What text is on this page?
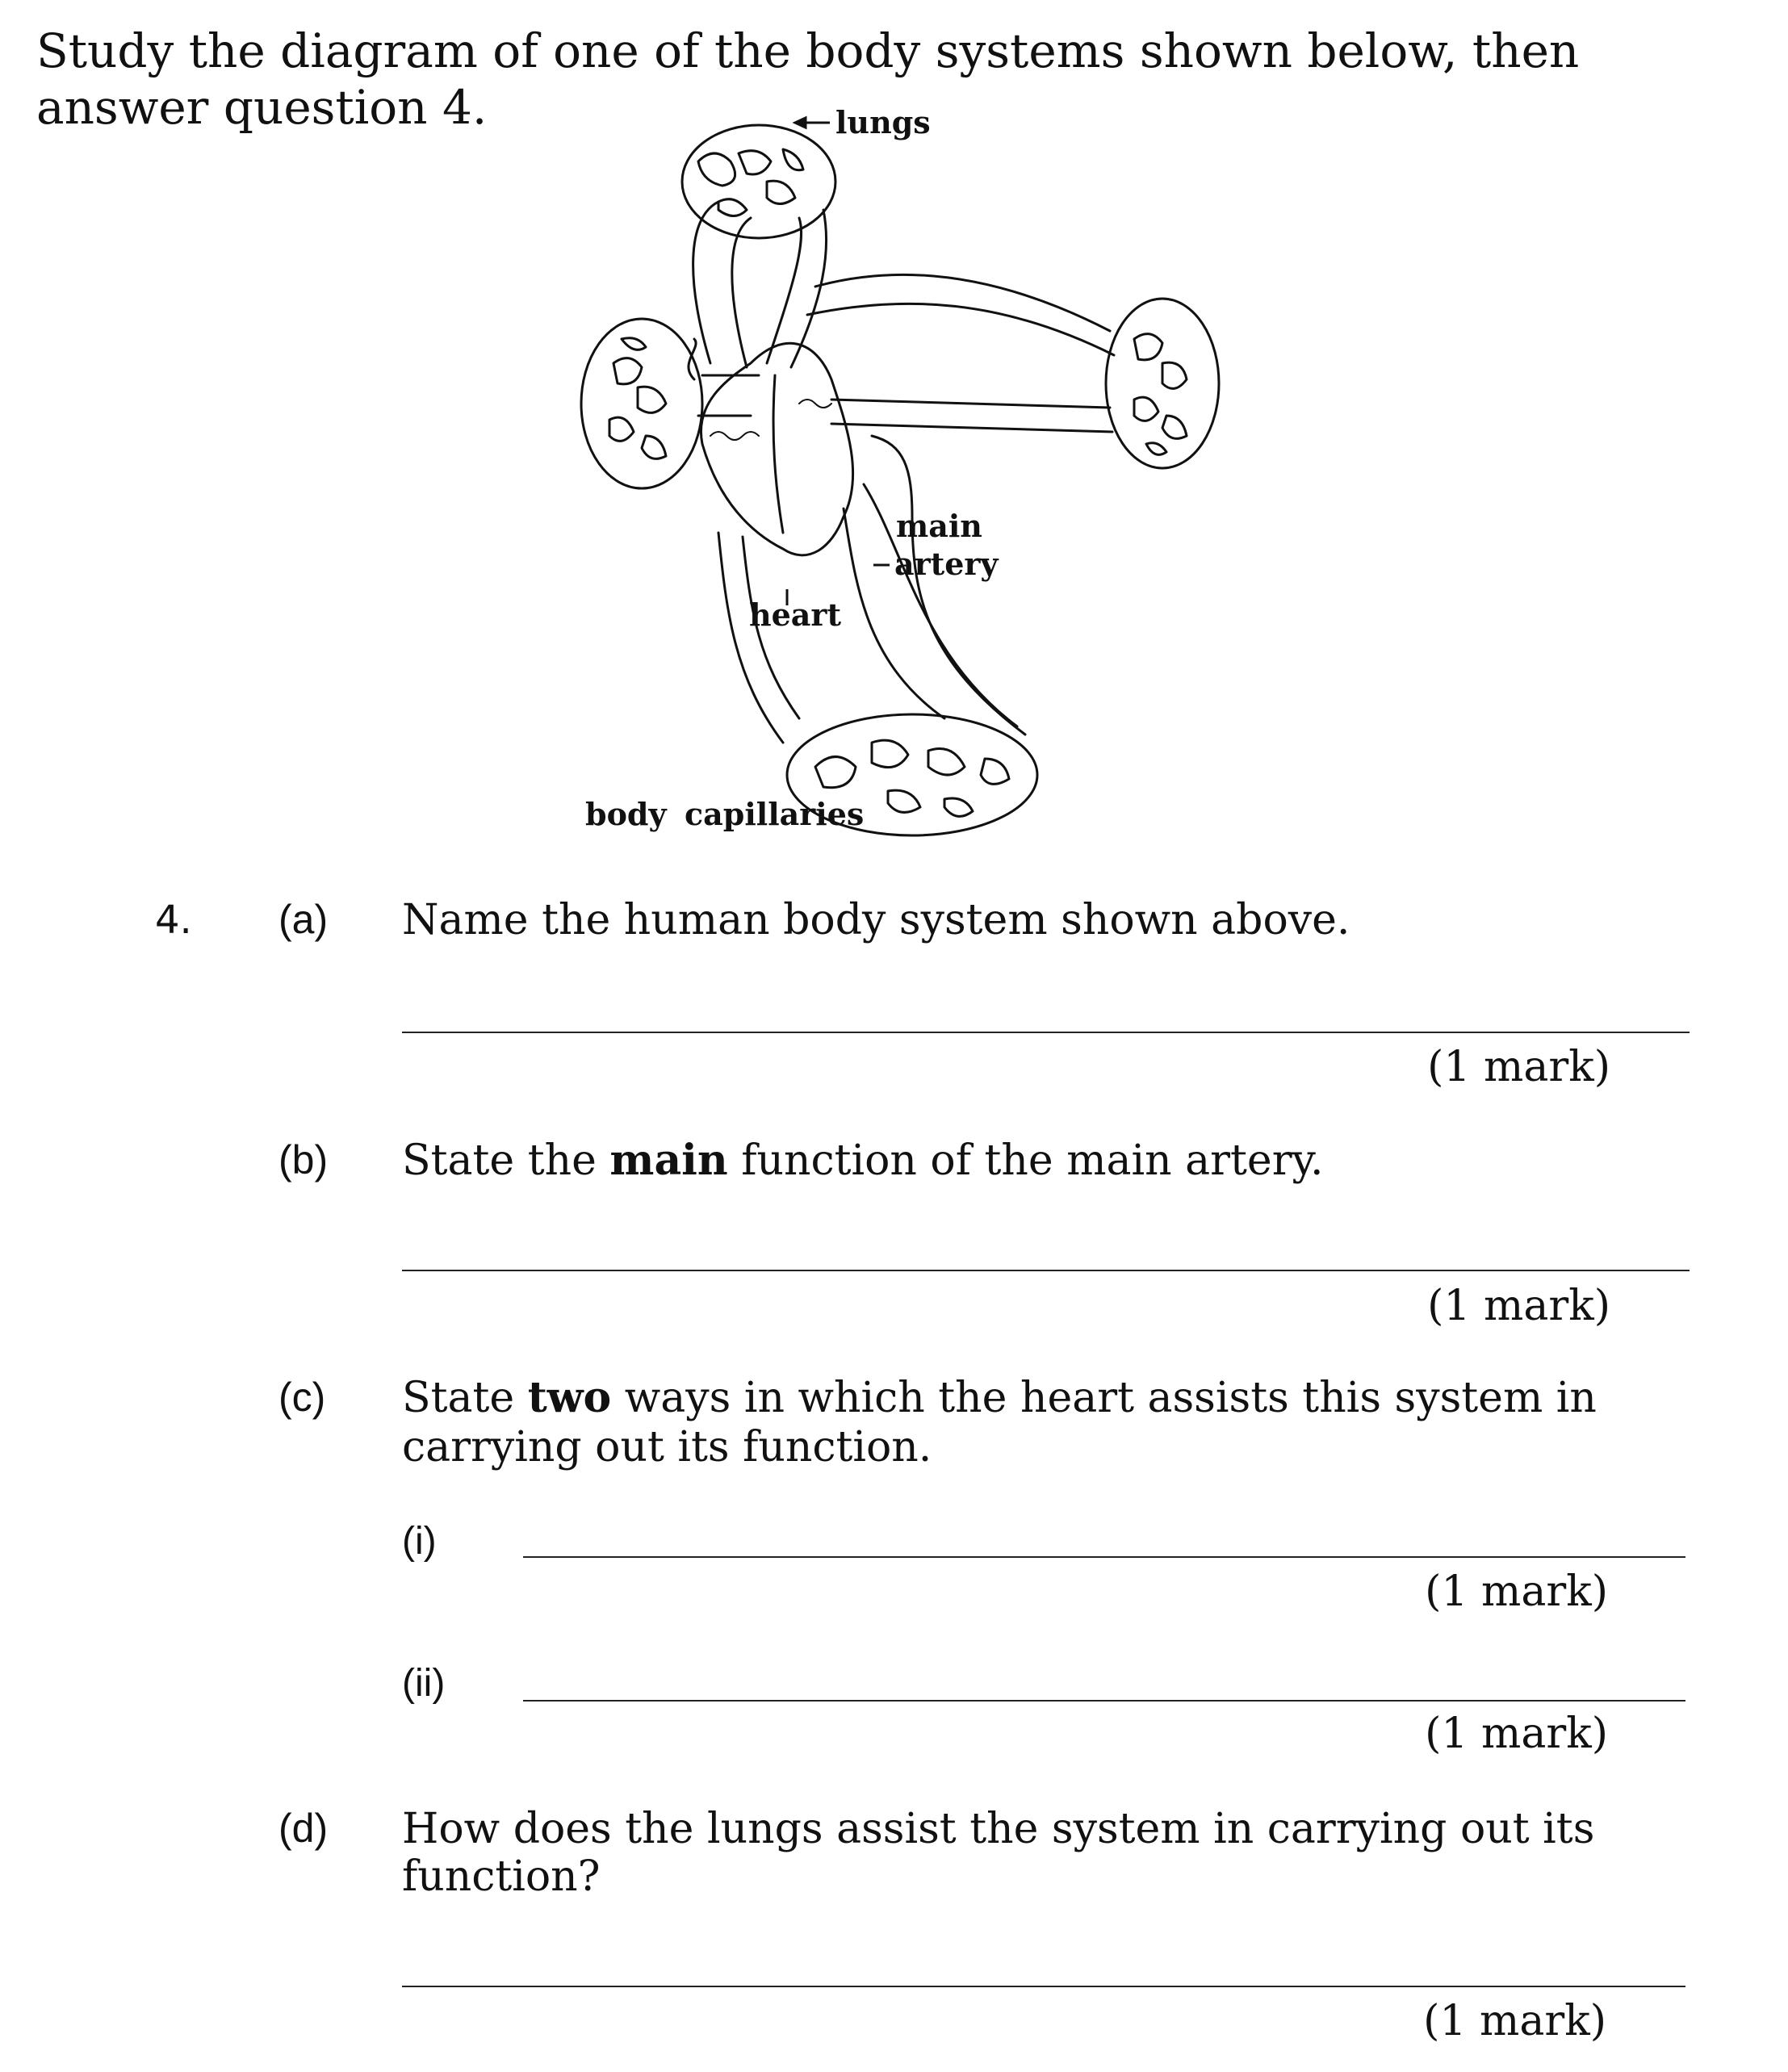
Study the diagram of one of the body systems shown below, then answer question 4.	lungs
main
artery
heart
body capillaries
4. (a) Name the human body system shown above.
(1 mark)
(b) State the main function of the main artery.
(1 mark)
(c) State two ways in which the heart assists this system in
carrying out its function.
(i)
(1 mark)
(ii)
(1 mark)
(d) How does the lungs assist the system in carrying out its
function?
(1 mark)
